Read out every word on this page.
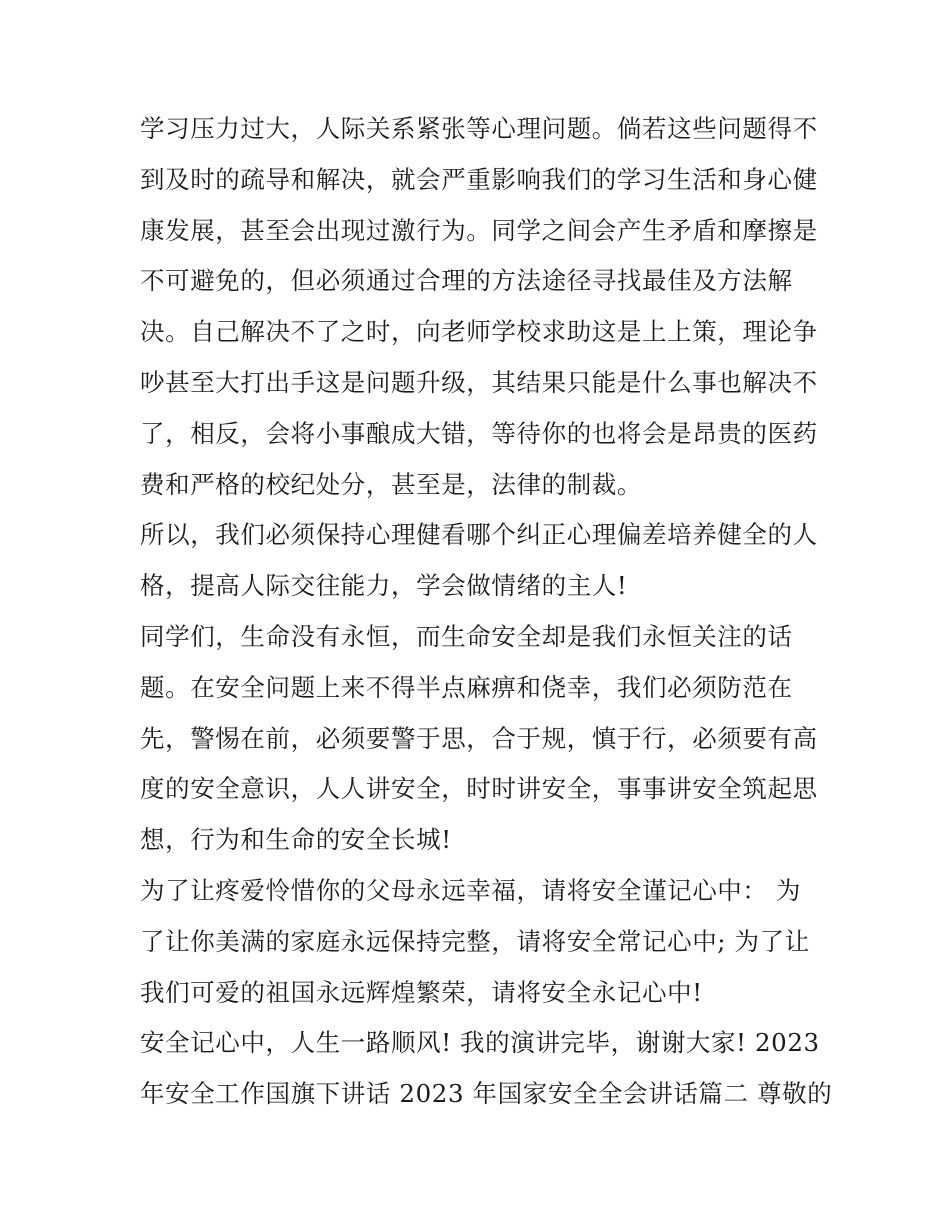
学习压力过大，人际关系紧张等心理问题。倘若这些问题得不
到及时的疏导和解决，就会严重影响我们的学习生活和身心健
康发展，甚至会出现过激行为。同学之间会产生矛盾和摩擦是
不可避免的，但必须通过合理的方法途径寻找最佳及方法解
决。自己解决不了之时，向老师学校求助这是上上策，理论争
吵甚至大打出手这是问题升级，其结果只能是什么事也解决不
了，相反，会将小事酿成大错，等待你的也将会是昂贵的医药
费和严格的校纪处分，甚至是，法律的制裁。
所以，我们必须保持心理健看哪个纠正心理偏差培养健全的人
格，提高人际交往能力，学会做情绪的主人!
同学们，生命没有永恒，而生命安全却是我们永恒关注的话
题。在安全问题上来不得半点麻痹和侥幸，我们必须防范在
先，警惕在前，必须要警于思，合于规，慎于行，必须要有高
度的安全意识，人人讲安全，时时讲安全，事事讲安全筑起思
想，行为和生命的安全长城!
为了让疼爱怜惜你的父母永远幸福，请将安全谨记心中： 为
了让你美满的家庭永远保持完整，请将安全常记心中; 为了让
我们可爱的祖国永远辉煌繁荣，请将安全永记心中!
安全记心中，人生一路顺风! 我的演讲完毕，谢谢大家! 2023
年安全工作国旗下讲话 2023 年国家安全全会讲话篇二 尊敬的
